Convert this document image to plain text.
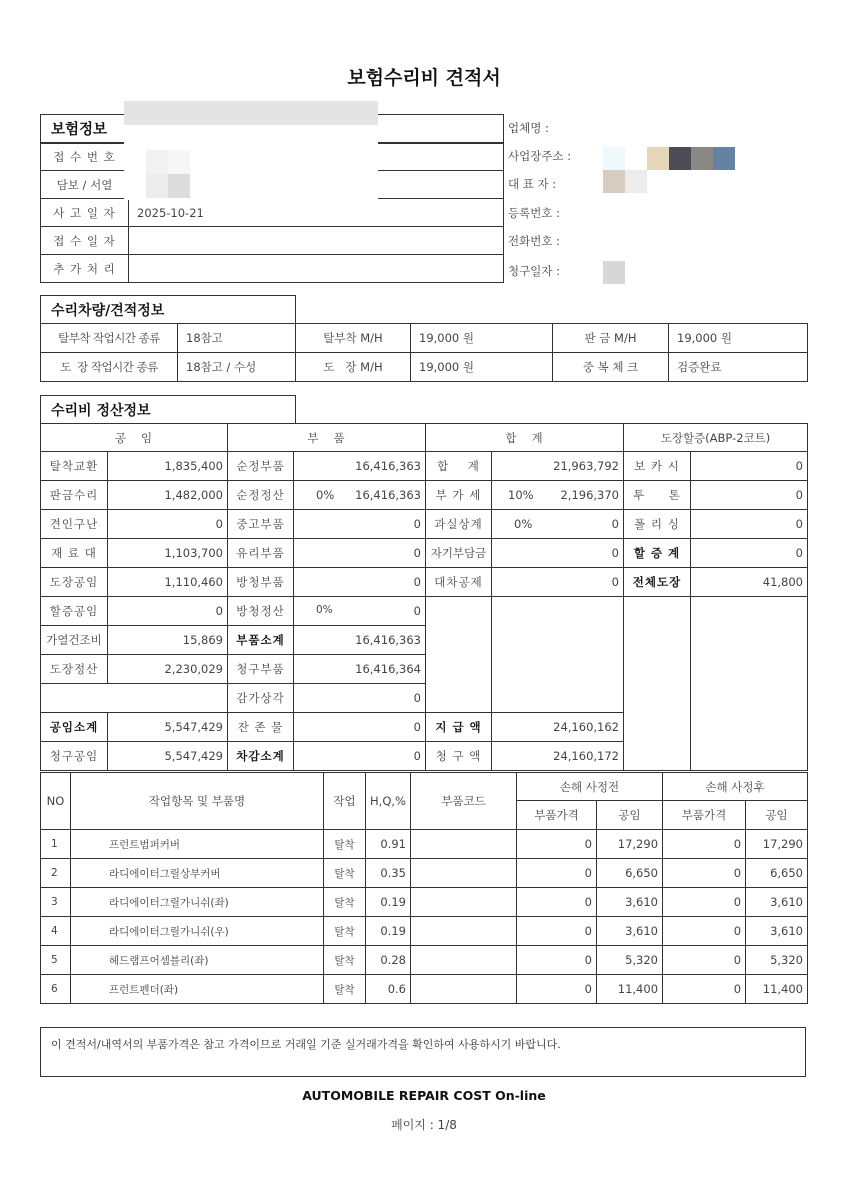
보험수리비 견적서
보험정보	
접 수 번 호	
담보 / 서열	
사 고 일 자	2025-10-21
접 수 일 자	
추 가 처 리	
업체명 :
사업장주소 :
대 표 자 :
등록번호 :
전화번호 :
청구일자 :
수리차량/견적정보
탈부착 작업시간 종류	18참고	탈부착 M/H	19,000 원	판 금 M/H	19,000 원
도  장 작업시간 종류	18참고 / 수성	도   장 M/H	19,000 원	중 복 체 크	검증완료
수리비 정산정보
공   임		부   품		합   계		도장할증(ABP-2코트)	
탈착교환	1,835,400	순정부품	16,416,363	합    계	21,963,792	보 카 시	0
판금수리	1,482,000	순정정산	0% 16,416,363	부 가 세	10% 2,196,370	투     톤	0
견인구난	0	중고부품	0	과실상계	0% 0	폴 리 싱	0
재 료 대	1,103,700	유리부품	0	자기부담금	0	할 증 계	0
도장공임	1,110,460	방청부품	0	대차공제	0	전체도장	41,800
할증공임	0	방청정산	0% 0				
가열건조비	15,869	부품소계	16,416,363				
도장정산	2,230,029	청구부품	16,416,364				
		감가상각	0				
공임소계	5,547,429	잔 존 물	0	지 급 액	24,160,162		
청구공임	5,547,429	차감소계	0	청 구 액	24,160,172		
NO	작업항목 및 부품명	작업	H,Q,%	부품코드	손해 사정전		손해 사정후	
					부품가격	공임	부품가격	공임
1	프런트범퍼커버	탈착	0.91		0	17,290	0	17,290
2	라디에이터그릴상부커버	탈착	0.35		0	6,650	0	6,650
3	라디에이터그릴가니쉬(좌)	탈착	0.19		0	3,610	0	3,610
4	라디에이터그릴가니쉬(우)	탈착	0.19		0	3,610	0	3,610
5	헤드램프어셈블리(좌)	탈착	0.28		0	5,320	0	5,320
6	프런트펜더(좌)	탈착	0.6		0	11,400	0	11,400
이 견적서/내역서의 부품가격은 참고 가격이므로 거래일 기준 실거래가격을 확인하여 사용하시기 바랍니다.
AUTOMOBILE REPAIR COST On-line
페이지 : 1/8
